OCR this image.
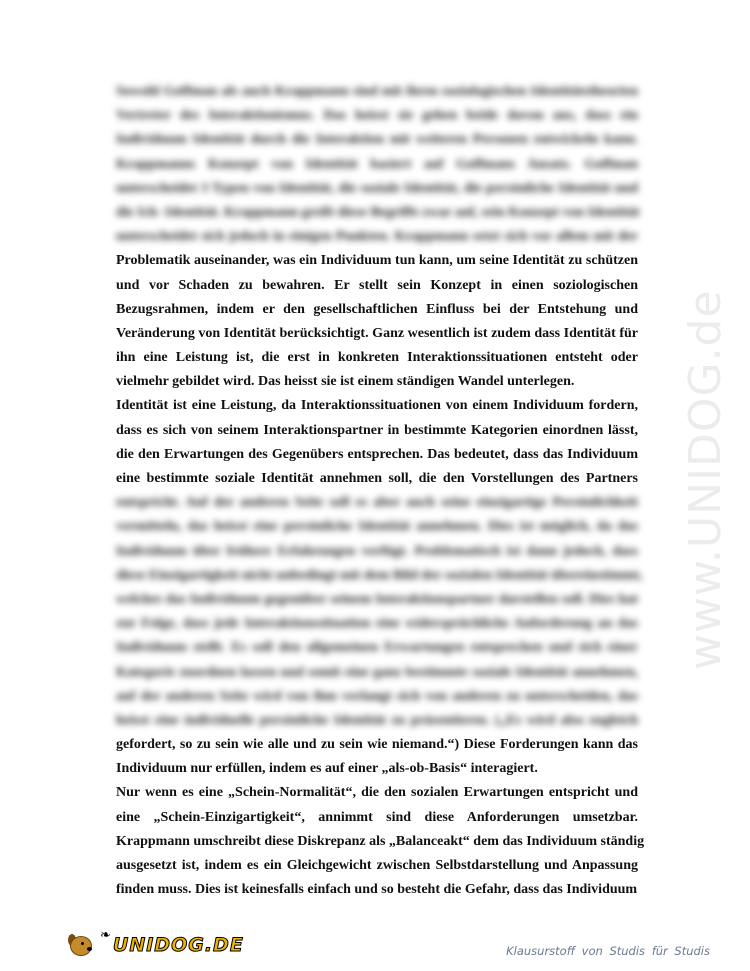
www.UNIDOG.de
Sowohl Goffman als auch Krappmann sind mit ihren soziologischen Identitätstheorien
Vertreter des Interaktionismus. Das heisst sie gehen beide davon aus, dass ein
Individuum Identität durch die Interaktion mit weiteren Personen entwickeln kann.
Krappmanns Konzept von Identität basiert auf Goffmans Ansatz. Goffman
unterscheidet 3 Typen von Identität, die soziale Identität, die persönliche Identität und
die Ich- Identität. Krappmann greift diese Begriffe zwar auf, sein Konzept von Identität
unterscheidet sich jedoch in einigen Punkten. Krappmann setzt sich vor allem mit der
Problematik auseinander, was ein Individuum tun kann, um seine Identität zu schützen
und vor Schaden zu bewahren. Er stellt sein Konzept in einen soziologischen
Bezugsrahmen, indem er den gesellschaftlichen Einfluss bei der Entstehung und
Veränderung von Identität berücksichtigt. Ganz wesentlich ist zudem dass Identität für
ihn eine Leistung ist, die erst in konkreten Interaktionssituationen entsteht oder
vielmehr gebildet wird. Das heisst sie ist einem ständigen Wandel unterlegen.
Identität ist eine Leistung, da Interaktionssituationen von einem Individuum fordern,
dass es sich von seinem Interaktionspartner in bestimmte Kategorien einordnen lässt,
die den Erwartungen des Gegenübers entsprechen. Das bedeutet, dass das Individuum
eine bestimmte soziale Identität annehmen soll, die den Vorstellungen des Partners
entspricht. Auf der anderen Seite soll es aber auch seine einzigartige Persönlichkeit
vermitteln, das heisst eine persönliche Identität annehmen. Dies ist möglich, da das
Individuum über frühere Erfahrungen verfügt. Problematisch ist dann jedoch, dass
diese Einzigartigkeit nicht unbedingt mit dem Bild der sozialen Identität übereinstimmt,
welches das Individuum gegenüber seinem Interaktionspartner darstellen soll. Dies hat
zur Folge, dass jede Interaktionssituation eine widersprüchliche Anforderung an das
Individuum stellt. Es soll den allgemeinen Erwartungen entsprechen und sich einer
Kategorie zuordnen lassen und somit eine ganz bestimmte soziale Identität annehmen,
auf der anderen Seite wird von ihm verlangt sich von anderen zu unterscheiden, das
heisst eine individuelle persönliche Identität zu präsentieren. („Es wird also zugleich
gefordert, so zu sein wie alle und zu sein wie niemand.“) Diese Forderungen kann das
Individuum nur erfüllen, indem es auf einer „als-ob-Basis“ interagiert.
Nur wenn es eine „Schein-Normalität“, die den sozialen Erwartungen entspricht und
eine „Schein-Einzigartigkeit“, annimmt sind diese Anforderungen umsetzbar.
Krappmann umschreibt diese Diskrepanz als „Balanceakt“ dem das Individuum ständig
ausgesetzt ist, indem es ein Gleichgewicht zwischen Selbstdarstellung und Anpassung
finden muss. Dies ist keinesfalls einfach und so besteht die Gefahr, dass das Individuum
❧ UNIDOG.DE	Klausurstoff von Studis für Studis
